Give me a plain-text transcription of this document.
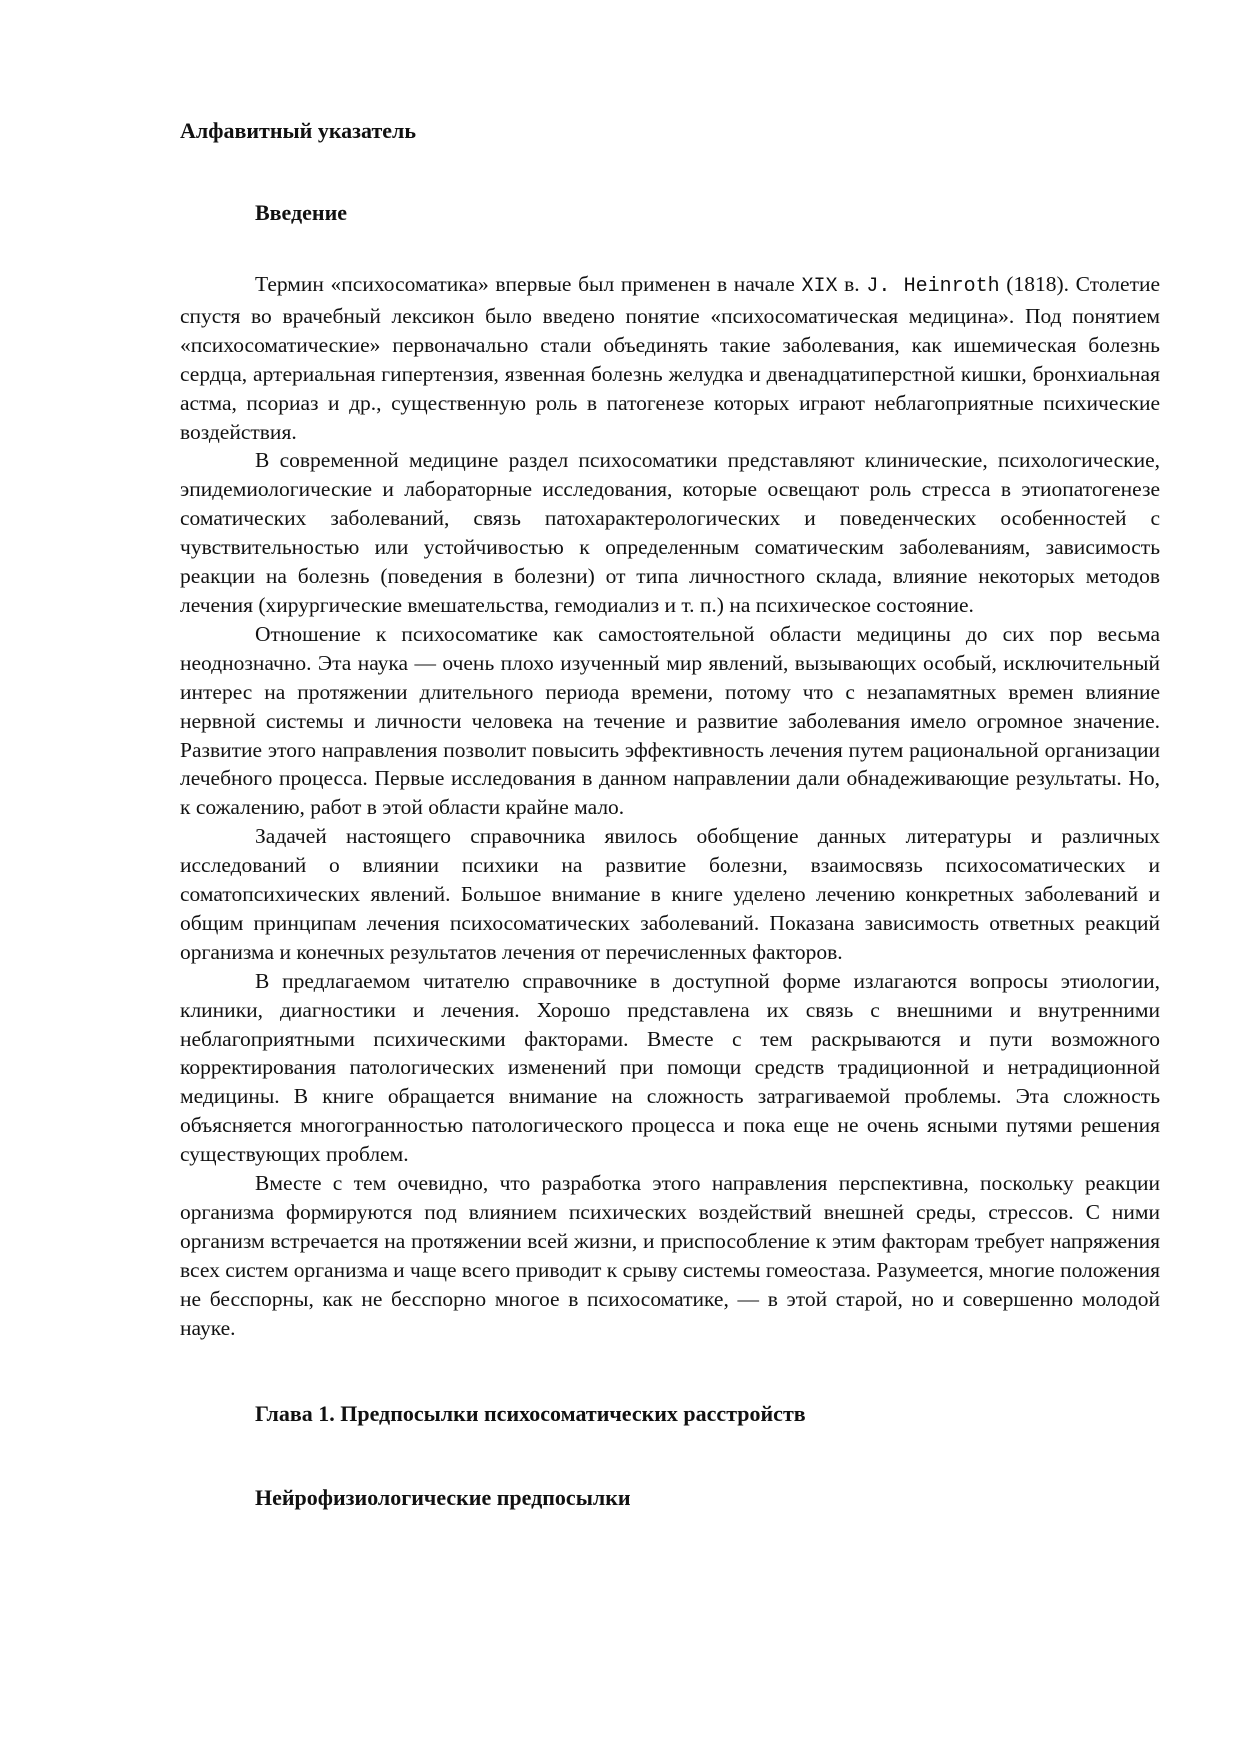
Алфавитный указатель
Введение

Термин «психосоматика» впервые был применен в начале XIX в. J. Heinroth (1818). Столетие спустя во врачебный лексикон было введено понятие «психосоматическая медицина». Под понятием «психосоматические» первоначально стали объединять такие заболевания, как ишемическая болезнь сердца, артериальная гипертензия, язвенная болезнь желудка и двенадцатиперстной кишки, бронхиальная астма, псориаз и др., существенную роль в патогенезе которых играют неблагоприятные психические воздействия.

В современной медицине раздел психосоматики представляют клинические, психологические, эпидемиологические и лабораторные исследования, которые освещают роль стресса в этиопатогенезе соматических заболеваний, связь патохарактерологических и поведенческих особенностей с чувствительностью или устойчивостью к определенным соматическим заболеваниям, зависимость реакции на болезнь (поведения в болезни) от типа личностного склада, влияние некоторых методов лечения (хирургические вмешательства, гемодиализ и т. п.) на психическое состояние.

Отношение к психосоматике как самостоятельной области медицины до сих пор весьма неоднозначно. Эта наука — очень плохо изученный мир явлений, вызывающих особый, исключительный интерес на протяжении длительного периода времени, потому что с незапамятных времен влияние нервной системы и личности человека на течение и развитие заболевания имело огромное значение. Развитие этого направления позволит повысить эффективность лечения путем рациональной организации лечебного процесса. Первые исследования в данном направлении дали обнадеживающие результаты. Но, к сожалению, работ в этой области крайне мало.

Задачей настоящего справочника явилось обобщение данных литературы и различных исследований о влиянии психики на развитие болезни, взаимосвязь психосоматических и соматопсихических явлений. Большое внимание в книге уделено лечению конкретных заболеваний и общим принципам лечения психосоматических заболеваний. Показана зависимость ответных реакций организма и конечных результатов лечения от перечисленных факторов.

В предлагаемом читателю справочнике в доступной форме излагаются вопросы этиологии, клиники, диагностики и лечения. Хорошо представлена их связь с внешними и внутренними неблагоприятными психическими факторами. Вместе с тем раскрываются и пути возможного корректирования патологических изменений при помощи средств традиционной и нетрадиционной медицины. В книге обращается внимание на сложность затрагиваемой проблемы. Эта сложность объясняется многогранностью патологического процесса и пока еще не очень ясными путями решения существующих проблем.

Вместе с тем очевидно, что разработка этого направления перспективна, поскольку реакции организма формируются под влиянием психических воздействий внешней среды, стрессов. С ними организм встречается на протяжении всей жизни, и приспособление к этим факторам требует напряжения всех систем организма и чаще всего приводит к срыву системы гомеостаза. Разумеется, многие положения не бесспорны, как не бесспорно многое в психосоматике, — в этой старой, но и совершенно молодой науке.

Глава 1. Предпосылки психосоматических расстройств
Нейрофизиологические предпосылки
